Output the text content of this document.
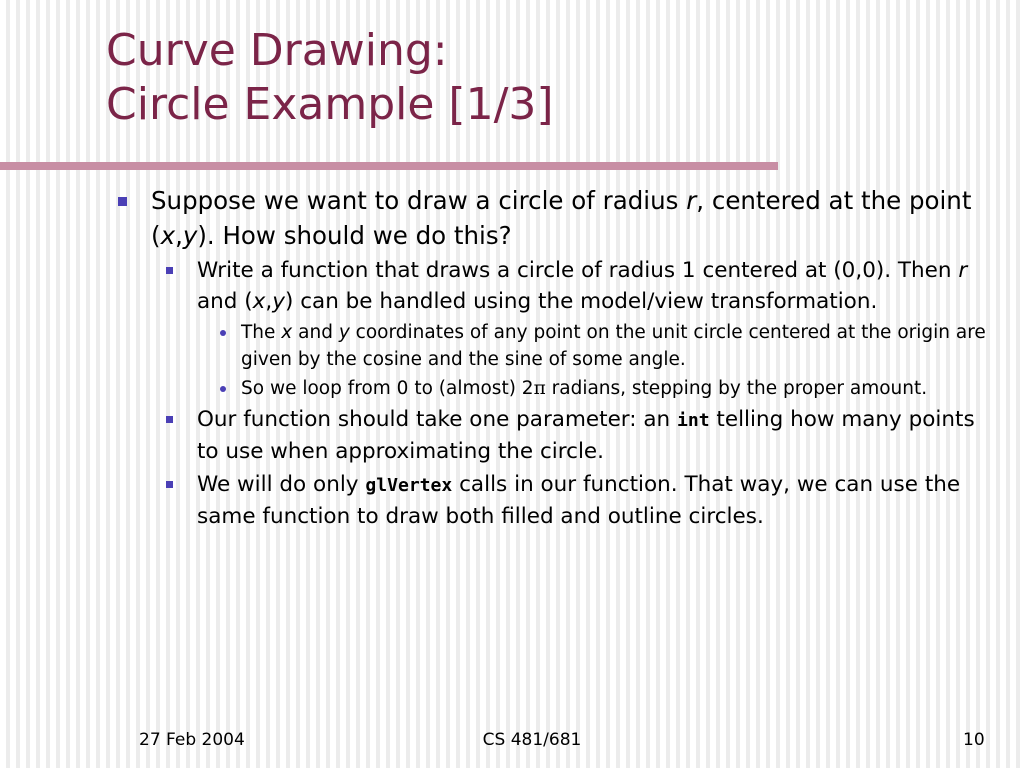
Curve Drawing:
Circle Example [1/3]
Suppose we want to draw a circle of radius r, centered at the point (x,y). How should we do this?
Write a function that draws a circle of radius 1 centered at (0,0). Then r and (x,y) can be handled using the model/view transformation.
The x and y coordinates of any point on the unit circle centered at the origin are given by the cosine and the sine of some angle.
So we loop from 0 to (almost) 2π radians, stepping by the proper amount.
Our function should take one parameter: an int telling how many points to use when approximating the circle.
We will do only glVertex calls in our function. That way, we can use the same function to draw both filled and outline circles.
27 Feb 2004	CS 481/681	10
